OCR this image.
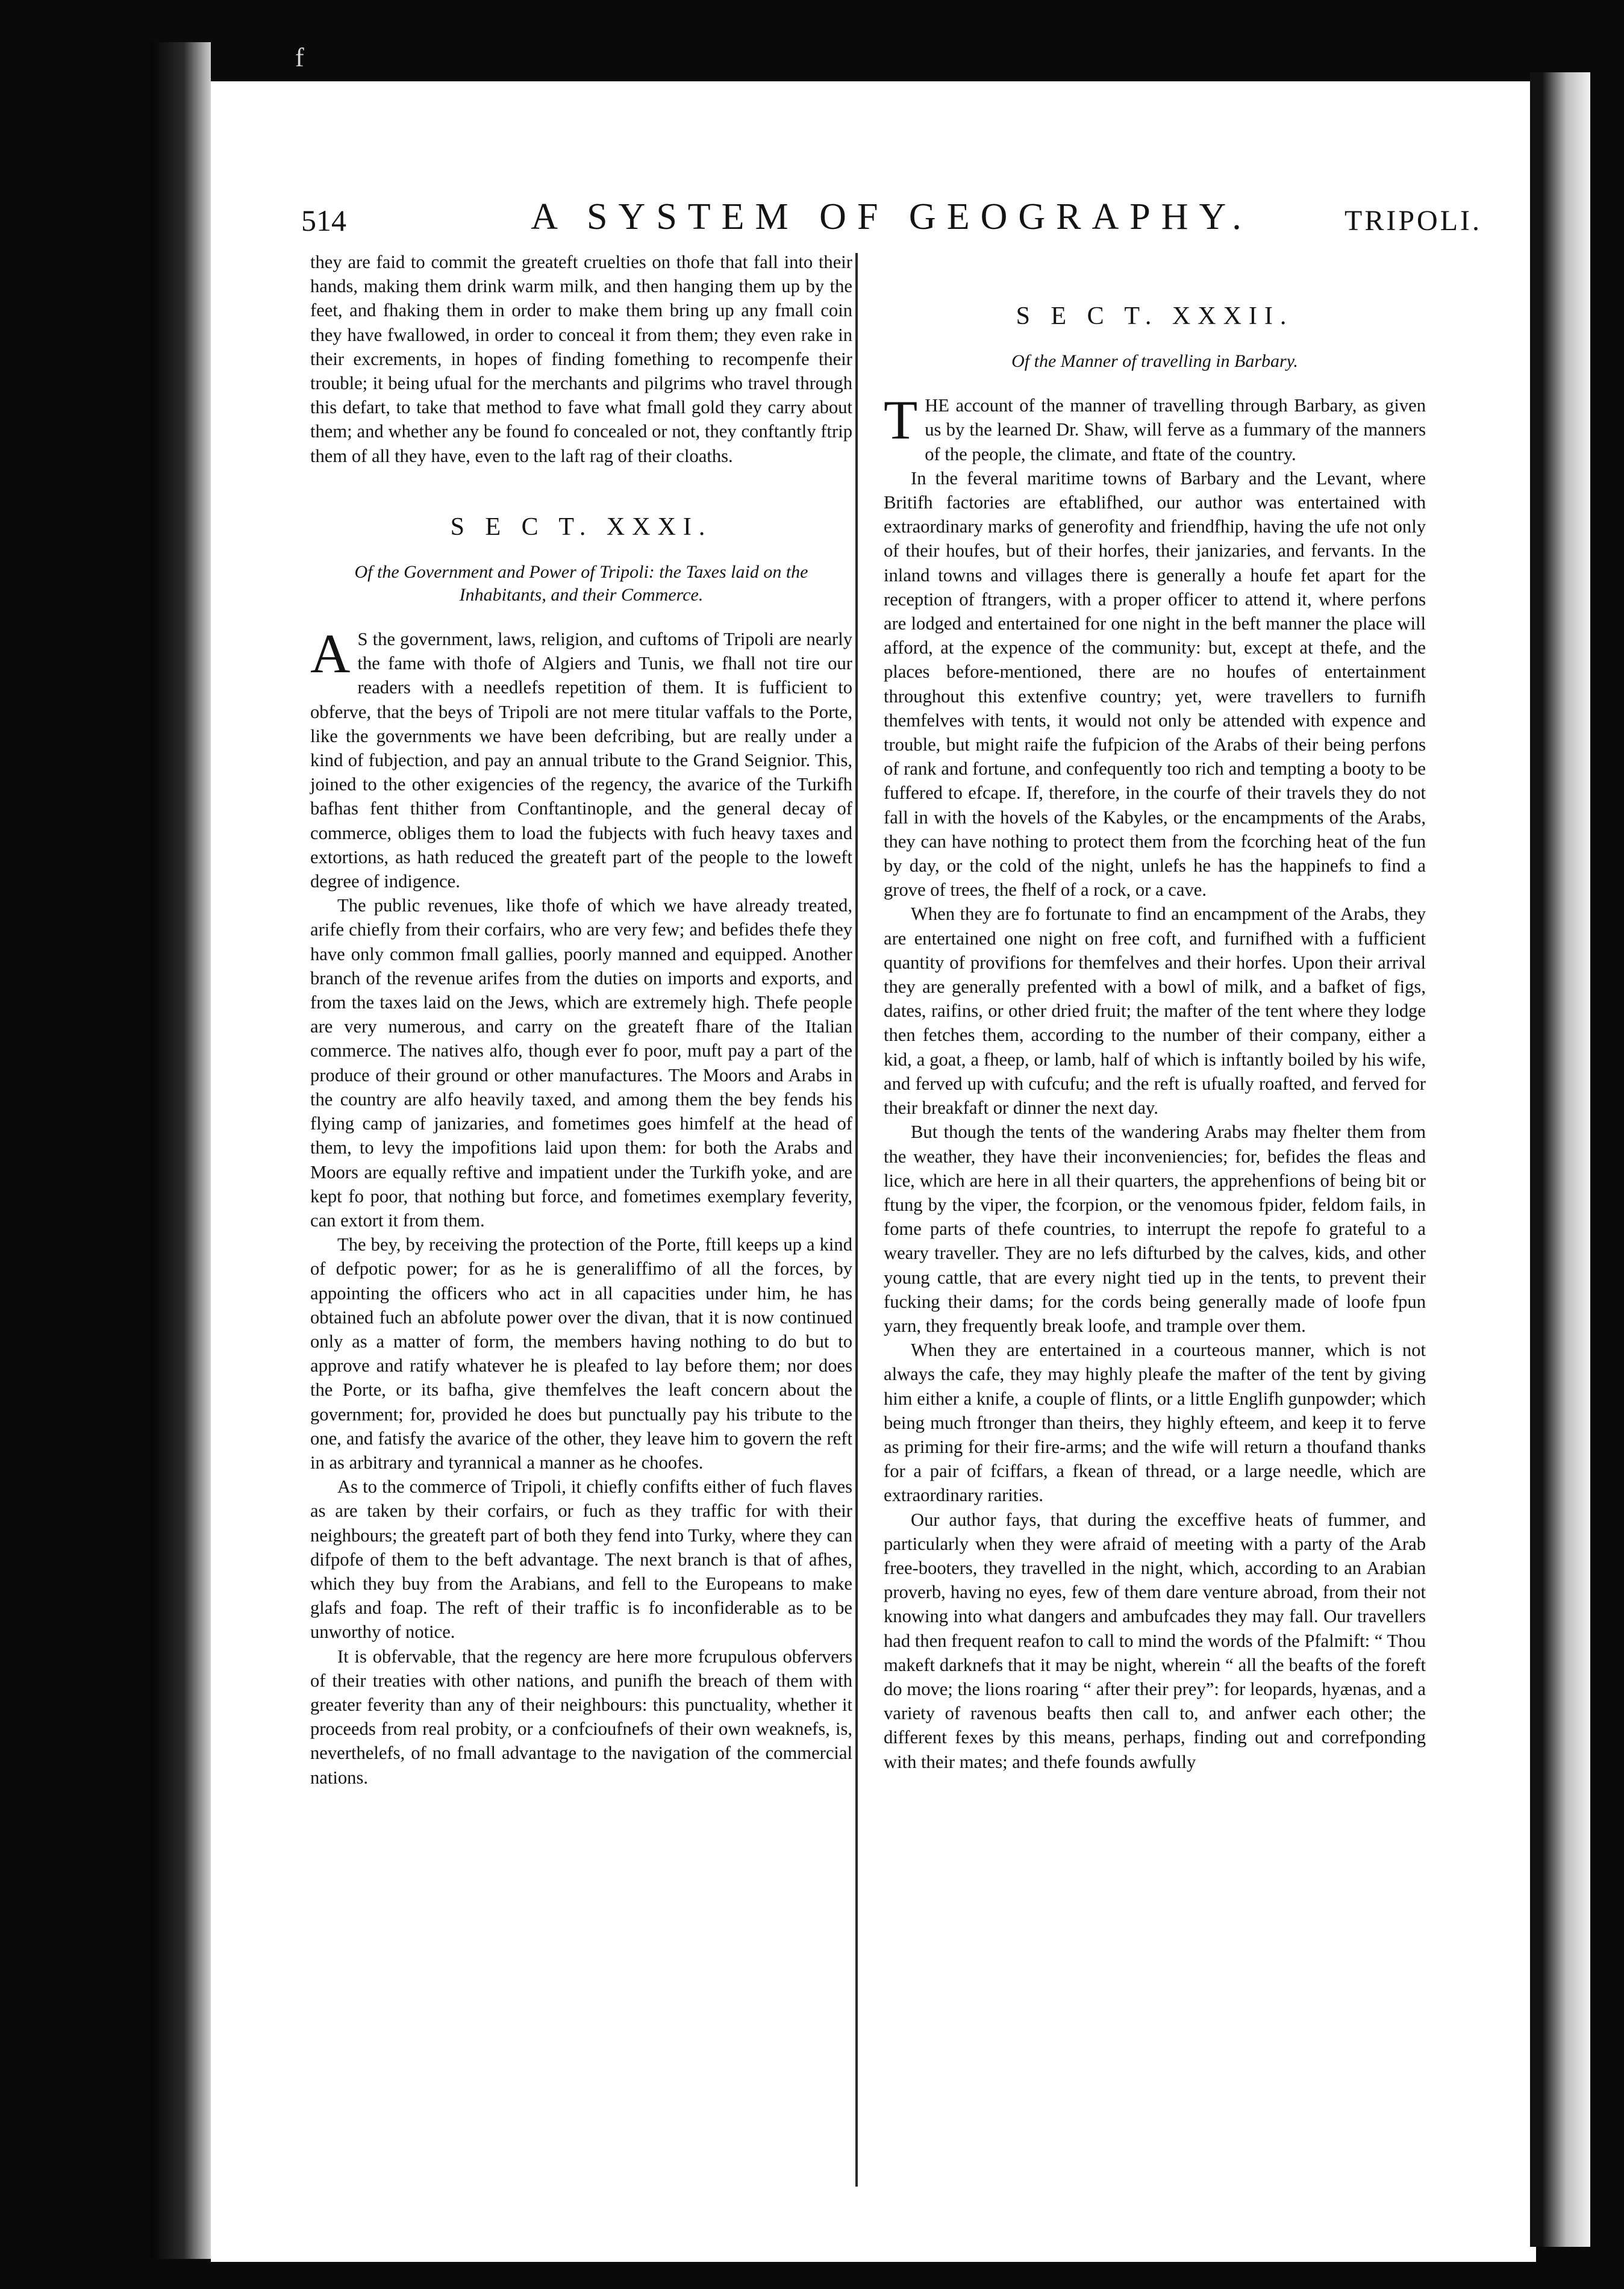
514	A SYSTEM OF GEOGRAPHY.	TRIPOLI.

they are faid to commit the greateft cruelties on thofe that fall into their hands, making them drink warm milk, and then hanging them up by the feet, and fhaking them in order to make them bring up any fmall coin they have fwallowed, in order to conceal it from them; they even rake in their excrements, in hopes of finding fomething to recompenfe their trouble; it being ufual for the merchants and pilgrims who travel through this defart, to take that method to fave what fmall gold they carry about them; and whether any be found fo concealed or not, they conftantly ftrip them of all they have, even to the laft rag of their cloaths.

S E C T. XXXI.
Of the Government and Power of Tripoli: the Taxes laid on the Inhabitants, and their Commerce.

A S the government, laws, religion, and cuftoms of Tripoli are nearly the fame with thofe of Algiers and Tunis, we fhall not tire our readers with a needlefs repetition of them. It is fufficient to obferve, that the beys of Tripoli are not mere titular vaffals to the Porte, like the governments we have been defcribing, but are really under a kind of fubjection, and pay an annual tribute to the Grand Seignior. This, joined to the other exigencies of the regency, the avarice of the Turkifh bafhas fent thither from Conftantinople, and the general decay of commerce, obliges them to load the fubjects with fuch heavy taxes and extortions, as hath reduced the greateft part of the people to the loweft degree of indigence.

The public revenues, like thofe of which we have already treated, arife chiefly from their corfairs, who are very few; and befides thefe they have only common fmall gallies, poorly manned and equipped. Another branch of the revenue arifes from the duties on imports and exports, and from the taxes laid on the Jews, which are extremely high. Thefe people are very numerous, and carry on the greateft fhare of the Italian commerce. The natives alfo, though ever fo poor, muft pay a part of the produce of their ground or other manufactures. The Moors and Arabs in the country are alfo heavily taxed, and among them the bey fends his flying camp of janizaries, and fometimes goes himfelf at the head of them, to levy the impofitions laid upon them: for both the Arabs and Moors are equally reftive and impatient under the Turkifh yoke, and are kept fo poor, that nothing but force, and fometimes exemplary feverity, can extort it from them.

The bey, by receiving the protection of the Porte, ftill keeps up a kind of defpotic power; for as he is generaliffimo of all the forces, by appointing the officers who act in all capacities under him, he has obtained fuch an abfolute power over the divan, that it is now continued only as a matter of form, the members having nothing to do but to approve and ratify whatever he is pleafed to lay before them; nor does the Porte, or its bafha, give themfelves the leaft concern about the government; for, provided he does but punctually pay his tribute to the one, and fatisfy the avarice of the other, they leave him to govern the reft in as arbitrary and tyrannical a manner as he choofes.

As to the commerce of Tripoli, it chiefly confifts either of fuch flaves as are taken by their corfairs, or fuch as they traffic for with their neighbours; the greateft part of both they fend into Turky, where they can difpofe of them to the beft advantage. The next branch is that of afhes, which they buy from the Arabians, and fell to the Europeans to make glafs and foap. The reft of their traffic is fo inconfiderable as to be unworthy of notice.

It is obfervable, that the regency are here more fcrupulous obfervers of their treaties with other nations, and punifh the breach of them with greater feverity than any of their neighbours: this punctuality, whether it proceeds from real probity, or a confcioufnefs of their own weaknefs, is, neverthelefs, of no fmall advantage to the navigation of the commercial nations.

S E C T. XXXII.
Of the Manner of travelling in Barbary.

THE account of the manner of travelling through Barbary, as given us by the learned Dr. Shaw, will ferve as a fummary of the manners of the people, the climate, and ftate of the country.

In the feveral maritime towns of Barbary and the Levant, where Britifh factories are eftablifhed, our author was entertained with extraordinary marks of generofity and friendfhip, having the ufe not only of their houfes, but of their horfes, their janizaries, and fervants. In the inland towns and villages there is generally a houfe fet apart for the reception of ftrangers, with a proper officer to attend it, where perfons are lodged and entertained for one night in the beft manner the place will afford, at the expence of the community: but, except at thefe, and the places before-mentioned, there are no houfes of entertainment throughout this extenfive country; yet, were travellers to furnifh themfelves with tents, it would not only be attended with expence and trouble, but might raife the fufpicion of the Arabs of their being perfons of rank and fortune, and confequently too rich and tempting a booty to be fuffered to efcape. If, therefore, in the courfe of their travels they do not fall in with the hovels of the Kabyles, or the encampments of the Arabs, they can have nothing to protect them from the fcorching heat of the fun by day, or the cold of the night, unlefs he has the happinefs to find a grove of trees, the fhelf of a rock, or a cave.

When they are fo fortunate to find an encampment of the Arabs, they are entertained one night on free coft, and furnifhed with a fufficient quantity of provifions for themfelves and their horfes. Upon their arrival they are generally prefented with a bowl of milk, and a bafket of figs, dates, raifins, or other dried fruit; the mafter of the tent where they lodge then fetches them, according to the number of their company, either a kid, a goat, a fheep, or lamb, half of which is inftantly boiled by his wife, and ferved up with cufcufu; and the reft is ufually roafted, and ferved for their breakfaft or dinner the next day.

But though the tents of the wandering Arabs may fhelter them from the weather, they have their inconveniencies; for, befides the fleas and lice, which are here in all their quarters, the apprehenfions of being bit or ftung by the viper, the fcorpion, or the venomous fpider, feldom fails, in fome parts of thefe countries, to interrupt the repofe fo grateful to a weary traveller. They are no lefs difturbed by the calves, kids, and other young cattle, that are every night tied up in the tents, to prevent their fucking their dams; for the cords being generally made of loofe fpun yarn, they frequently break loofe, and trample over them.

When they are entertained in a courteous manner, which is not always the cafe, they may highly pleafe the mafter of the tent by giving him either a knife, a couple of flints, or a little Englifh gunpowder; which being much ftronger than theirs, they highly efteem, and keep it to ferve as priming for their fire-arms; and the wife will return a thoufand thanks for a pair of fciffars, a fkean of thread, or a large needle, which are extraordinary rarities.

Our author fays, that during the exceffive heats of fummer, and particularly when they were afraid of meeting with a party of the Arab free-booters, they travelled in the night, which, according to an Arabian proverb, having no eyes, few of them dare venture abroad, from their not knowing into what dangers and ambufcades they may fall. Our travellers had then frequent reafon to call to mind the words of the Pfalmift: “ Thou makeft darknefs that it may be night, wherein “ all the beafts of the foreft do move; the lions roaring “ after their prey”: for leopards, hyænas, and a variety of ravenous beafts then call to, and anfwer each other; the different fexes by this means, perhaps, finding out and correfponding with their mates; and thefe founds awfully

f
